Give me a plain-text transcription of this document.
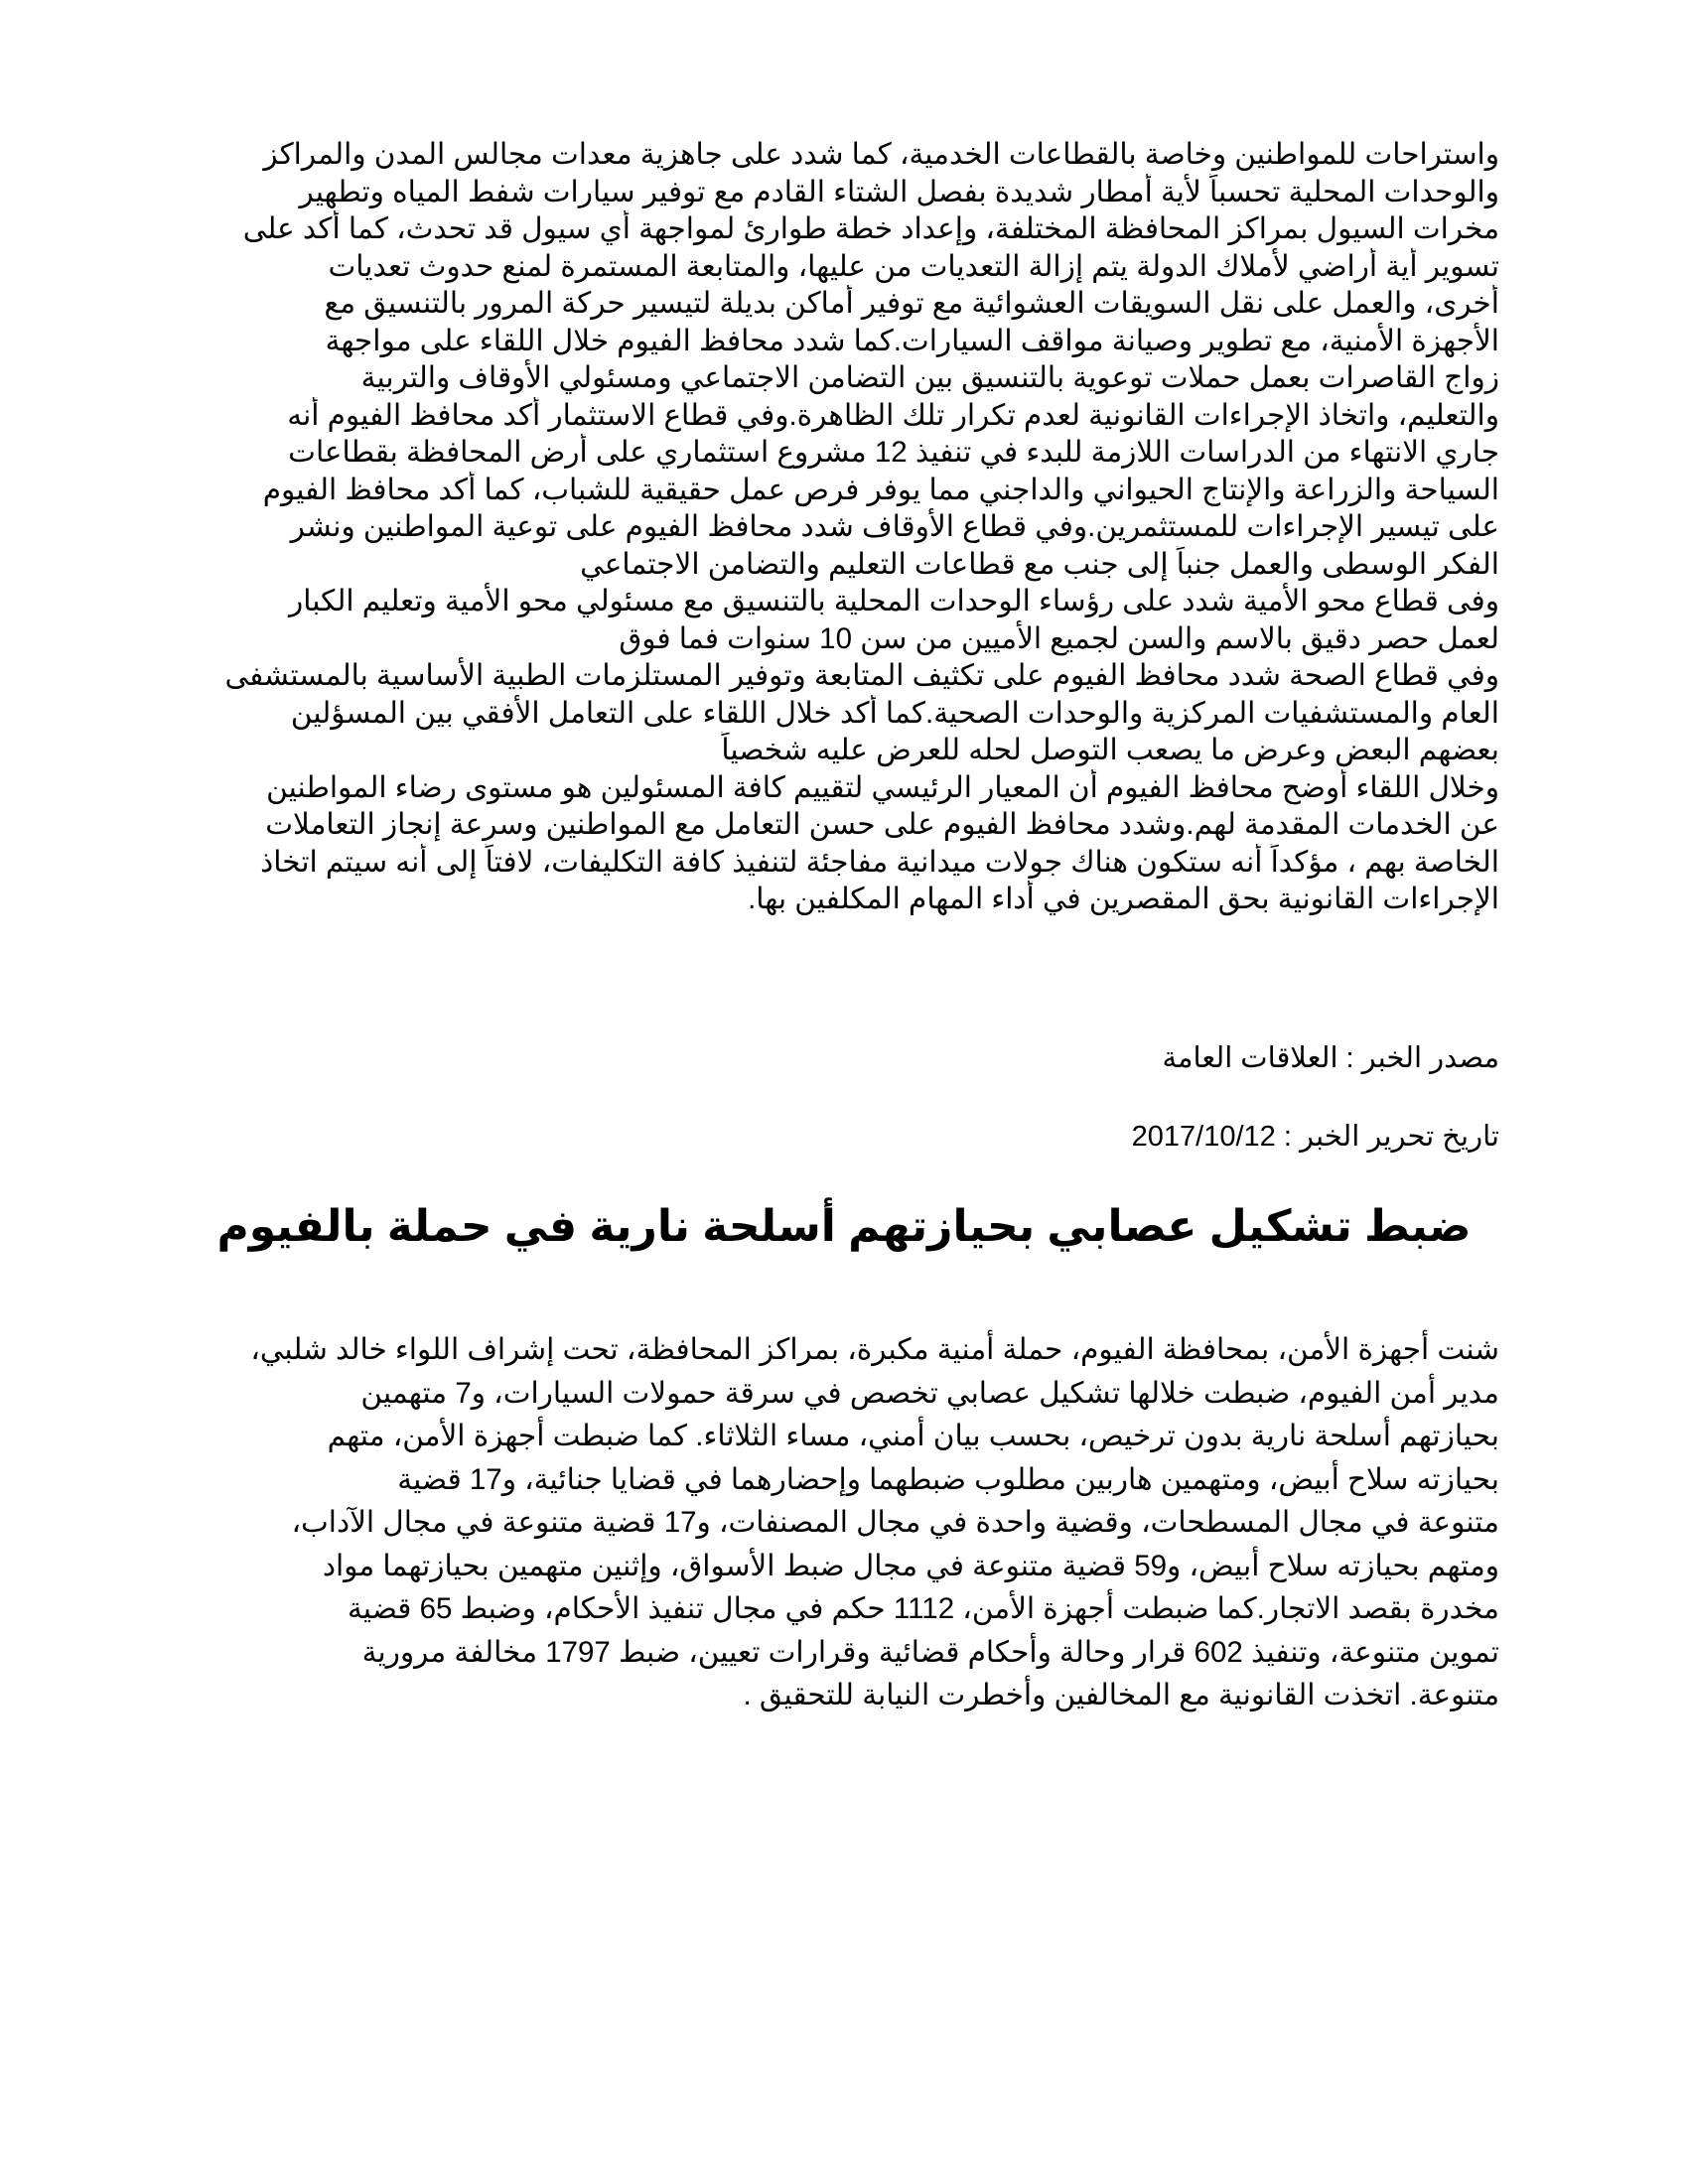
واستراحات للمواطنين وخاصة بالقطاعات الخدمية، كما شدد على جاهزية معدات مجالس المدن والمراكز
والوحدات المحلية تحسباً لأية أمطار شديدة بفصل الشتاء القادم مع توفير سيارات شفط المياه وتطهير
مخرات السيول بمراكز المحافظة المختلفة، وإعداد خطة طوارئ لمواجهة أي سيول قد تحدث، كما أكد على
تسوير أية أراضي لأملاك الدولة يتم إزالة التعديات من عليها، والمتابعة المستمرة لمنع حدوث تعديات
أخرى، والعمل على نقل السويقات العشوائية مع توفير أماكن بديلة لتيسير حركة المرور بالتنسيق مع
الأجهزة الأمنية، مع تطوير وصيانة مواقف السيارات.كما شدد محافظ الفيوم خلال اللقاء على مواجهة
زواج القاصرات بعمل حملات توعوية بالتنسيق بين التضامن الاجتماعي ومسئولي الأوقاف والتربية
والتعليم، واتخاذ الإجراءات القانونية لعدم تكرار تلك الظاهرة.وفي قطاع الاستثمار أكد محافظ الفيوم أنه
جاري الانتهاء من الدراسات اللازمة للبدء في تنفيذ 12 مشروع استثماري على أرض المحافظة بقطاعات
السياحة والزراعة والإنتاج الحيواني والداجني مما يوفر فرص عمل حقيقية للشباب، كما أكد محافظ الفيوم
على تيسير الإجراءات للمستثمرين.وفي قطاع الأوقاف شدد محافظ الفيوم على توعية المواطنين ونشر
الفكر الوسطى والعمل جنباً إلى جنب مع قطاعات التعليم والتضامن الاجتماعي
وفى قطاع محو الأمية شدد على رؤساء الوحدات المحلية بالتنسيق مع مسئولي محو الأمية وتعليم الكبار
لعمل حصر دقيق بالاسم والسن لجميع الأميين من سن 10 سنوات فما فوق
وفي قطاع الصحة شدد محافظ الفيوم على تكثيف المتابعة وتوفير المستلزمات الطبية الأساسية بالمستشفى
العام والمستشفيات المركزية والوحدات الصحية.كما أكد خلال اللقاء على التعامل الأفقي بين المسؤلين
بعضهم البعض وعرض ما يصعب التوصل لحله للعرض عليه شخصياً
وخلال اللقاء أوضح محافظ الفيوم أن المعيار الرئيسي لتقييم كافة المسئولين هو مستوى رضاء المواطنين
عن الخدمات المقدمة لهم.وشدد محافظ الفيوم على حسن التعامل مع المواطنين وسرعة إنجاز التعاملات
الخاصة بهم ، مؤكداً أنه ستكون هناك جولات ميدانية مفاجئة لتنفيذ كافة التكليفات، لافتاً إلى أنه سيتم اتخاذ
الإجراءات القانونية بحق المقصرين في أداء المهام المكلفين بها.
مصدر الخبر : العلاقات العامة
تاريخ تحرير الخبر : 2017/10/12
ضبط تشكيل عصابي بحيازتهم أسلحة نارية في حملة بالفيوم
شنت أجهزة الأمن، بمحافظة الفيوم، حملة أمنية مكبرة، بمراكز المحافظة، تحت إشراف اللواء خالد شلبي،
مدير أمن الفيوم، ضبطت خلالها تشكيل عصابي تخصص في سرقة حمولات السيارات، و7 متهمين
بحيازتهم أسلحة نارية بدون ترخيص، بحسب بيان أمني، مساء الثلاثاء. كما ضبطت أجهزة الأمن، متهم
بحيازته سلاح أبيض، ومتهمين هاربين مطلوب ضبطهما وإحضارهما في قضايا جنائية، و17 قضية
متنوعة في مجال المسطحات، وقضية واحدة في مجال المصنفات، و17 قضية متنوعة في مجال الآداب،
ومتهم بحيازته سلاح أبيض، و59 قضية متنوعة في مجال ضبط الأسواق، وإثنين متهمين بحيازتهما مواد
مخدرة بقصد الاتجار.كما ضبطت أجهزة الأمن، 1112 حكم في مجال تنفيذ الأحكام، وضبط 65 قضية
تموين متنوعة، وتنفيذ 602 قرار وحالة وأحكام قضائية وقرارات تعيين، ضبط 1797 مخالفة مرورية
متنوعة. اتخذت القانونية مع المخالفين وأخطرت النيابة للتحقيق .
